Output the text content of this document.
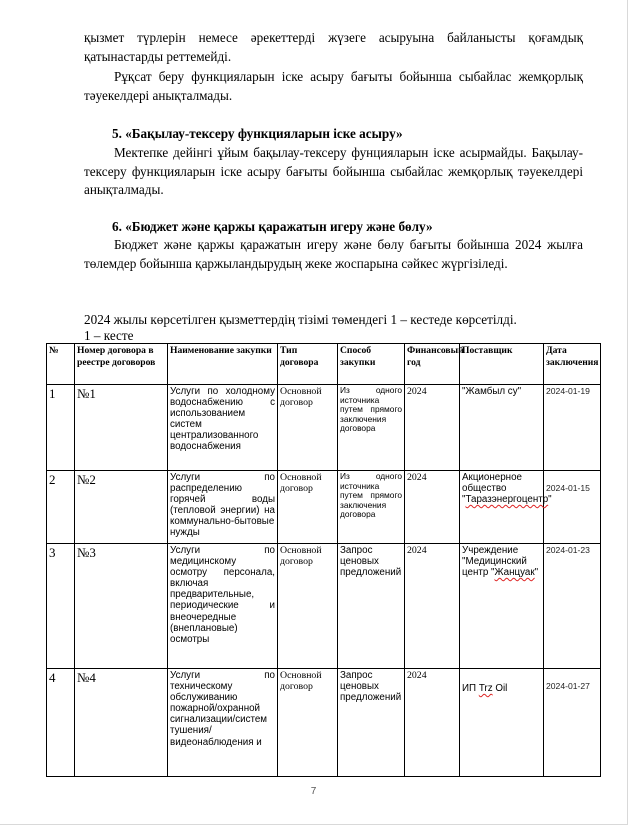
қызмет түрлерін немесе әрекеттерді жүзеге асыруына байланысты қоғамдық қатынастарды реттемейді.

Рұқсат беру функцияларын іске асыру бағыты бойынша сыбайлас жемқорлық тәуекелдері анықталмады.

5. «Бақылау-тексеру функцияларын іске асыру»

Мектепке дейінгі ұйым бақылау-тексеру фунцияларын іске асырмайды. Бақылау-тексеру функцияларын іске асыру бағыты бойынша сыбайлас жемқорлық тәуекелдері анықталмады.

6. «Бюджет және қаржы қаражатын игеру және бөлу»

Бюджет және қаржы қаражатын игеру және бөлу бағыты бойынша 2024 жылға төлемдер бойынша қаржыландырудың жеке жоспарына сәйкес жүргізіледі.

2024 жылы көрсетілген қызметтердің тізімі төмендегі 1 – кестеде көрсетілді.

1 – кесте

№	Номер договора в реестре договоров	Наименование закупки	Тип договора	Способ закупки	Финансовый год	Поставщик	Дата заключения
1	№1	Услуги по холодному водоснабжению с использованием систем централизованного водоснабжения	Основной договор	Из одного источника путем прямого заключения договора	2024	"Жамбыл су"	2024-01-19
2	№2	Услуги по распределению горячей воды (тепловой энергии) на коммунально-бытовые нужды	Основной договор	Из одного источника путем прямого заключения договора	2024	Акционерное общество "Таразэнергоцентр"	2024-01-15
3	№3	Услуги по медицинскому осмотру персонала, включая предварительные, периодические и внеочередные (внеплановые) осмотры	Основной договор	Запрос ценовых предложений	2024	Учреждение "Медицинский центр "Жанцуак"	2024-01-23
4	№4	Услуги по техническому обслуживанию пожарной/охранной сигнализации/систем тушения/видеонаблюдения и	Основной договор	Запрос ценовых предложений	2024	ИП Trz Oil	2024-01-27
7
